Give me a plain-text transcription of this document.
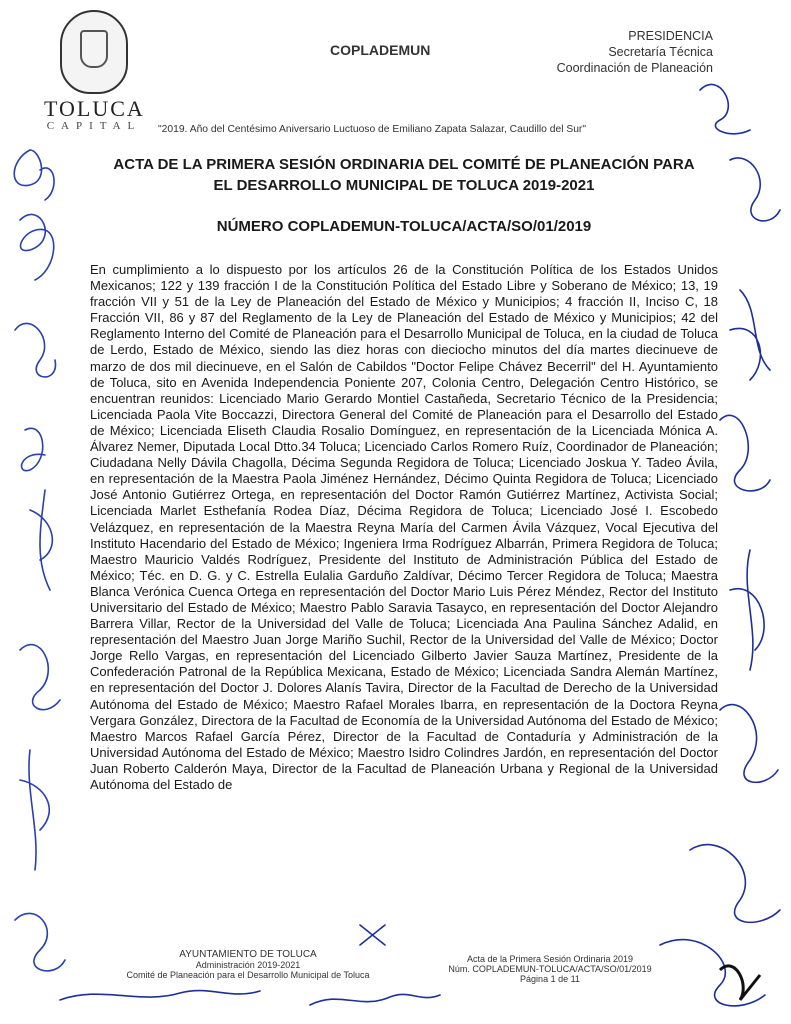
TOLUCA
CAPITAL
COPLADEMUN
PRESIDENCIA
Secretaría Técnica
Coordinación de Planeación
"2019. Año del Centésimo Aniversario Luctuoso de Emiliano Zapata Salazar, Caudillo del Sur"
ACTA DE LA PRIMERA SESIÓN ORDINARIA DEL COMITÉ DE PLANEACIÓN PARA
EL DESARROLLO MUNICIPAL DE TOLUCA 2019-2021
NÚMERO COPLADEMUN-TOLUCA/ACTA/SO/01/2019

En cumplimiento a lo dispuesto por los artículos 26 de la Constitución Política de los Estados Unidos Mexicanos; 122 y 139 fracción I de la Constitución Política del Estado Libre y Soberano de México; 13, 19 fracción VII y 51 de la Ley de Planeación del Estado de México y Municipios; 4 fracción II, Inciso C, 18 Fracción VII, 86 y 87 del Reglamento de la Ley de Planeación del Estado de México y Municipios; 42 del Reglamento Interno del Comité de Planeación para el Desarrollo Municipal de Toluca, en la ciudad de Toluca de Lerdo, Estado de México, siendo las diez horas con dieciocho minutos del día martes diecinueve de marzo de dos mil diecinueve, en el Salón de Cabildos "Doctor Felipe Chávez Becerril" del H. Ayuntamiento de Toluca, sito en Avenida Independencia Poniente 207, Colonia Centro, Delegación Centro Histórico, se encuentran reunidos: Licenciado Mario Gerardo Montiel Castañeda, Secretario Técnico de la Presidencia; Licenciada Paola Vite Boccazzi, Directora General del Comité de Planeación para el Desarrollo del Estado de México; Licenciada Eliseth Claudia Rosalio Domínguez, en representación de la Licenciada Mónica A. Álvarez Nemer, Diputada Local Dtto.34 Toluca; Licenciado Carlos Romero Ruíz, Coordinador de Planeación; Ciudadana Nelly Dávila Chagolla, Décima Segunda Regidora de Toluca; Licenciado Joskua Y. Tadeo Ávila, en representación de la Maestra Paola Jiménez Hernández, Décimo Quinta Regidora de Toluca; Licenciado José Antonio Gutiérrez Ortega, en representación del Doctor Ramón Gutiérrez Martínez, Activista Social; Licenciada Marlet Esthefanía Rodea Díaz, Décima Regidora de Toluca; Licenciado José I. Escobedo Velázquez, en representación de la Maestra Reyna María del Carmen Ávila Vázquez, Vocal Ejecutiva del Instituto Hacendario del Estado de México; Ingeniera Irma Rodríguez Albarrán, Primera Regidora de Toluca; Maestro Mauricio Valdés Rodríguez, Presidente del Instituto de Administración Pública del Estado de México; Téc. en D. G. y C. Estrella Eulalia Garduño Zaldívar, Décimo Tercer Regidora de Toluca; Maestra Blanca Verónica Cuenca Ortega en representación del Doctor Mario Luis Pérez Méndez, Rector del Instituto Universitario del Estado de México; Maestro Pablo Saravia Tasayco, en representación del Doctor Alejandro Barrera Villar, Rector de la Universidad del Valle de Toluca; Licenciada Ana Paulina Sánchez Adalid, en representación del Maestro Juan Jorge Mariño Suchil, Rector de la Universidad del Valle de México; Doctor Jorge Rello Vargas, en representación del Licenciado Gilberto Javier Sauza Martínez, Presidente de la Confederación Patronal de la República Mexicana, Estado de México; Licenciada Sandra Alemán Martínez, en representación del Doctor J. Dolores Alanís Tavira, Director de la Facultad de Derecho de la Universidad Autónoma del Estado de México; Maestro Rafael Morales Ibarra, en representación de la Doctora Reyna Vergara González, Directora de la Facultad de Economía de la Universidad Autónoma del Estado de México; Maestro Marcos Rafael García Pérez, Director de la Facultad de Contaduría y Administración de la Universidad Autónoma del Estado de México; Maestro Isidro Colindres Jardón, en representación del Doctor Juan Roberto Calderón Maya, Director de la Facultad de Planeación Urbana y Regional de la Universidad Autónoma del Estado de

AYUNTAMIENTO DE TOLUCA
Administración 2019-2021
Comité de Planeación para el Desarrollo Municipal de Toluca
Acta de la Primera Sesión Ordinaria 2019
Núm. COPLADEMUN-TOLUCA/ACTA/SO/01/2019
Página 1 de 11
